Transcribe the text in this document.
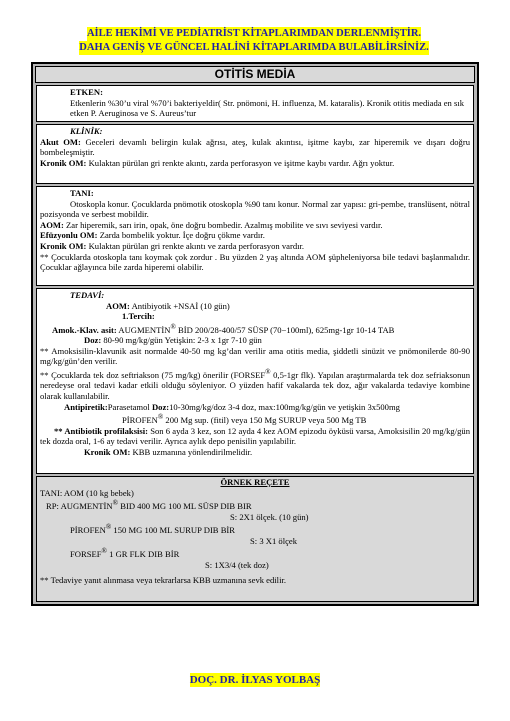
AİLE HEKİMİ VE PEDİATRİST KİTAPLARIMDAN DERLENMİŞTİR.
DAHA GENİŞ VE GÜNCEL HALİNİ KİTAPLARIMDA BULABİLİRSİNİZ.
OTİTİS MEDİA

ETKEN:

Etkenlerin %30’u viral %70’i bakteriyeldir( Str. pnömoni, H. influenza, M. kataralis). Kronik otitis mediada en sık etken P. Aeruginosa ve S. Aureus’tur

KLİNİK:

Akut OM: Geceleri devamlı belirgin kulak ağrısı, ateş, kulak akıntısı, işitme kaybı, zar hiperemik ve dışarı doğru bombeleşmiştir.

Kronik OM: Kulaktan pürülan gri renkte akıntı, zarda perforasyon ve işitme kaybı vardır. Ağrı yoktur.

TANI:

Otoskopla konur. Çocuklarda pnömotik otoskopla %90 tanı konur. Normal zar yapısı: gri-pembe, translüsent, nötral pozisyonda ve serbest mobildir.

AOM: Zar hiperemik, sarı irin, opak, öne doğru bombedir. Azalmış mobilite ve sıvı seviyesi vardır.

Efüzyonlu OM: Zarda bombelik yoktur. İçe doğru çökme vardır.

Kronik OM: Kulaktan pürülan gri renkte akıntı ve zarda perforasyon vardır.

** Çocuklarda otoskopla tanı koymak çok zordur . Bu yüzden 2 yaş altında AOM şüpheleniyorsa bile tedavi başlanmalıdır. Çocuklar ağlayınca bile zarda hiperemi olabilir.

TEDAVİ:

AOM: Antibiyotik +NSAİ (10 gün)

1.Tercih:

Amok.-Klav. asit: AUGMENTİN® BİD 200/28-400/57 SÜSP (70−100ml), 625mg-1gr 10-14 TAB

Doz: 80-90 mg/kg/gün Yetişkin: 2-3 x 1gr 7-10 gün

** Amoksisilin-klavunik asit normalde 40-50 mg kg’dan verilir ama otitis media, şiddetli sinüzit ve pnömonilerde 80-90 mg/kg/gün’den verilir.

** Çocuklarda tek doz seftriakson (75 mg/kg) önerilir (FORSEF® 0,5-1gr flk). Yapılan araştırmalarda tek doz sefriaksonun neredeyse oral tedavi kadar etkili olduğu söyleniyor. O yüzden hafif vakalarda tek doz, ağır vakalarda tedaviye kombine olarak kullanılabilir.

Antipiretik:Parasetamol Doz:10-30mg/kg/doz 3-4 doz, max:100mg/kg/gün ve yetişkin 3x500mg

PİROFEN® 200 Mg sup. (fitil) veya 150 Mg SURUP veya 500 Mg TB

** Antibiotik profilaksisi: Son 6 ayda 3 kez, son 12 ayda 4 kez AOM epizodu öyküsü varsa, Amoksisilin 20 mg/kg/gün tek dozda oral, 1-6 ay tedavi verilir. Ayrıca aylık depo penisilin yapılabilir.

Kronik OM: KBB uzmanına yönlendirilmelidir.

ÖRNEK REÇETE

TANI: AOM (10 kg bebek)

RP: AUGMENTİN® BID 400 MG 100 ML SÜSP DIB BIR

S: 2X1 ölçek. (10 gün)

PİROFEN® 150 MG 100 ML SURUP DIB BİR

S: 3 X1 ölçek

FORSEF® 1 GR FLK DIB BİR

S: 1X3/4 (tek doz)

** Tedaviye yanıt alınmasa veya tekrarlarsa KBB uzmanına sevk edilir.

DOÇ. DR. İLYAS YOLBAŞ
